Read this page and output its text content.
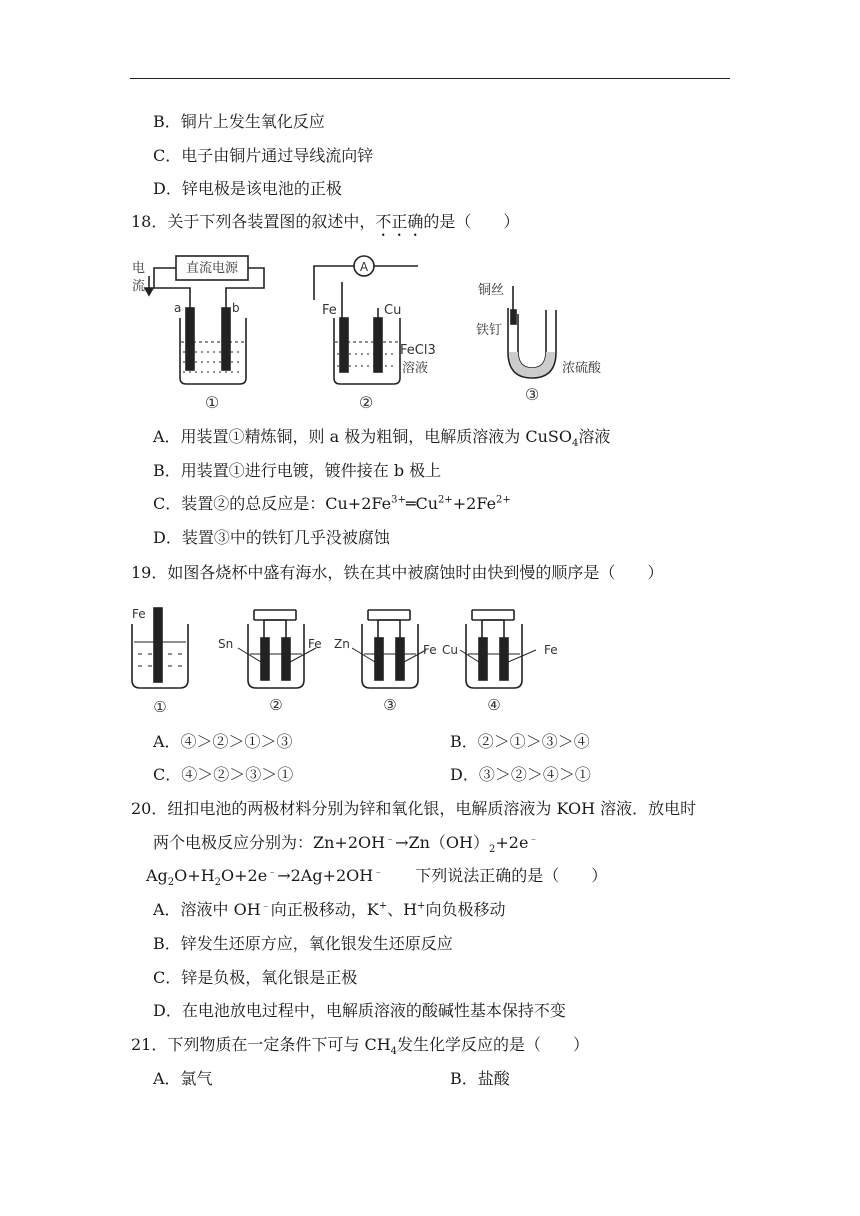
B．铜片上发生氧化反应
C．电子由铜片通过导线流向锌
D．锌电极是该电池的正极
18．关于下列各装置图的叙述中，不正确的是（　　）
直流电源
电
流
a	b
①
A
Fe	Cu
FeCl3
溶液
②
铜丝
铁钉
浓硫酸
③
A．用装置①精炼铜，则 a 极为粗铜，电解质溶液为 CuSO$_4$溶液
B．用装置①进行电镀，镀件接在 b 极上
C．装置②的总反应是：$Cu+2Fe^{3+}═Cu^{2+}+2Fe^{2+}$
D．装置③中的铁钉几乎没被腐蚀
19．如图各烧杯中盛有海水，铁在其中被腐蚀时由快到慢的顺序是（　　）
Fe
①
Sn	Fe
②
Zn	Fe
③
Cu	Fe
④
A．④＞②＞①＞③	B．②＞①＞③＞④
C．④＞②＞③＞①	D．③＞②＞④＞①
20．纽扣电池的两极材料分别为锌和氧化银，电解质溶液为 KOH 溶液．放电时
两个电极反应分别为：$Zn+2OH^﹣\to Zn(OH)_2+2e^﹣$
$Ag_2O+H_2O+2e^﹣\to 2Ag+2OH^﹣$　　下列说法正确的是（　　）
A．溶液中 OH﹣向正极移动，K+、H+向负极移动
B．锌发生还原方应，氧化银发生还原反应
C．锌是负极，氧化银是正极
D．在电池放电过程中，电解质溶液的酸碱性基本保持不变
21．下列物质在一定条件下可与 $CH_4$发生化学反应的是（　　）
A．氯气	B．盐酸
